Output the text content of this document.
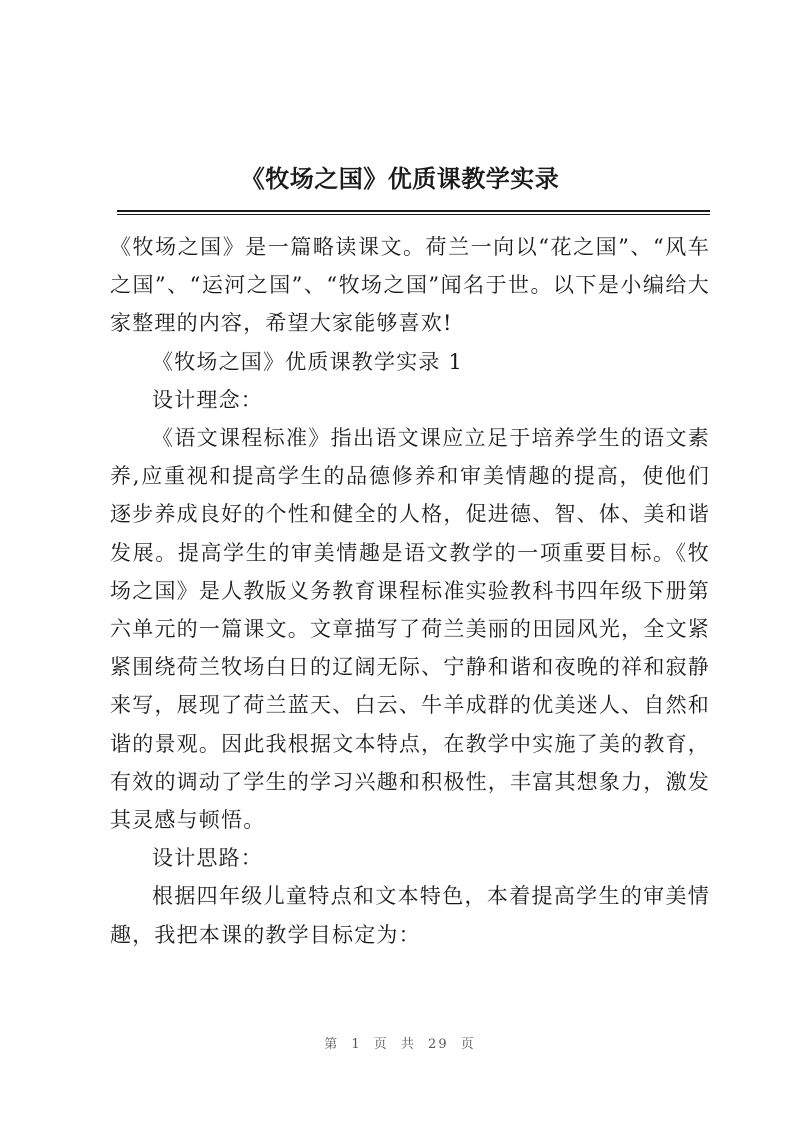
《牧场之国》优质课教学实录

《牧场之国》是一篇略读课文。荷兰一向以“花之国”、“风车之国”、“运河之国”、“牧场之国”闻名于世。以下是小编给大家整理的内容，希望大家能够喜欢!

《牧场之国》优质课教学实录 1

设计理念：

《语文课程标准》指出语文课应立足于培养学生的语文素养,应重视和提高学生的品德修养和审美情趣的提高，使他们逐步养成良好的个性和健全的人格，促进德、智、体、美和谐发展。提高学生的审美情趣是语文教学的一项重要目标。《牧场之国》是人教版义务教育课程标准实验教科书四年级下册第六单元的一篇课文。文章描写了荷兰美丽的田园风光，全文紧紧围绕荷兰牧场白日的辽阔无际、宁静和谐和夜晚的祥和寂静来写，展现了荷兰蓝天、白云、牛羊成群的优美迷人、自然和谐的景观。因此我根据文本特点，在教学中实施了美的教育，有效的调动了学生的学习兴趣和积极性，丰富其想象力，激发其灵感与顿悟。

设计思路：

根据四年级儿童特点和文本特色，本着提高学生的审美情趣，我把本课的教学目标定为：

第 1 页 共 29 页
